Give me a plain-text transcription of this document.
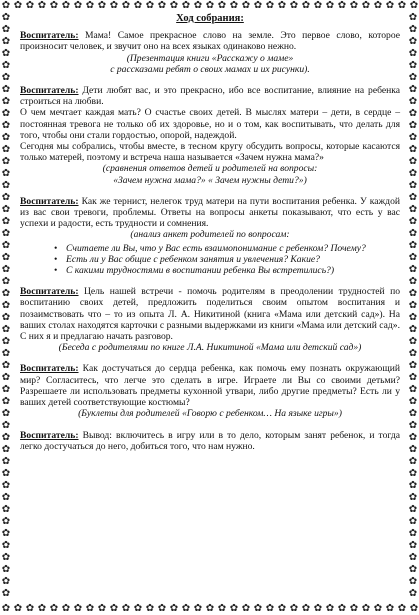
✿ ✿ ✿ ✿ ✿ ✿ ✿ ✿ ✿ ✿ ✿ ✿ ✿ ✿ ✿ ✿ ✿ ✿ ✿ ✿ ✿ ✿ ✿ ✿ ✿ ✿ ✿ ✿ ✿ ✿ ✿ ✿ ✿ ✿ ✿
✿ ✿ ✿ ✿ ✿ ✿ ✿ ✿ ✿ ✿ ✿ ✿ ✿ ✿ ✿ ✿ ✿ ✿ ✿ ✿ ✿ ✿ ✿ ✿ ✿ ✿ ✿ ✿ ✿ ✿ ✿ ✿ ✿ ✿ ✿
✿
✿
✿
✿
✿
✿
✿
✿
✿
✿
✿
✿
✿
✿
✿
✿
✿
✿
✿
✿
✿
✿
✿
✿
✿
✿
✿
✿
✿
✿
✿
✿
✿
✿
✿
✿
✿
✿
✿
✿
✿
✿
✿
✿
✿
✿
✿
✿
✿
✿
✿
✿
✿
✿
✿
✿
✿
✿
✿
✿
✿
✿
✿
✿
✿
✿
✿
✿
✿
✿
✿
✿
✿
✿
✿
✿
✿
✿
✿
✿
✿
✿
✿
✿
✿
✿
✿
✿
✿
✿
✿
✿
✿
✿
✿
✿
✿
✿
Ход собрания:

Воспитатель: Мама! Самое прекрасное слово на земле. Это первое слово, которое произносит человек, и звучит оно на всех языках одинаково нежно.

(Презентация книги «Расскажу о маме»
с рассказами ребят о своих мамах и их рисунки).

Воспитатель: Дети любят вас, и это прекрасно, ибо все воспитание, влияние на ребенка строиться на любви.

О чем мечтает каждая мать? О счастье своих детей. В мыслях матери – дети, в сердце – постоянная тревога не только об их здоровье, но и о том, как воспитывать, что делать для того, чтобы они стали гордостью, опорой, надеждой.

Сегодня мы собрались, чтобы вместе, в тесном кругу обсудить вопросы, которые касаются только матерей, поэтому и встреча наша называется «Зачем нужна мама?»

(сравнения ответов детей и родителей на вопросы:
«Зачем нужна мама?» « Зачем нужны дети?»)

Воспитатель: Как же тернист, нелегок труд матери на пути воспитания ребенка. У каждой из вас свои тревоги, проблемы. Ответы на вопросы анкеты показывают, что есть у вас успехи и радости, есть трудности и сомнения.

(анализ анкет родителей по вопросам:
• Считаете ли Вы, что у Вас есть взаимопонимание с ребенком? Почему?
• Есть ли у Вас общие с ребенком занятия и увлечения? Какие?
• С какими трудностями в воспитании ребенка Вы встретились?)

Воспитатель: Цель нашей встречи - помочь родителям в преодолении трудностей по воспитанию своих детей, предложить поделиться своим опытом воспитания и позаимствовать что – то из опыта Л. А. Никитиной (книга «Мама или детский сад»). На ваших столах находятся карточки с разными выдержками из книги «Мама или детский сад». С них я и предлагаю начать разговор.

(Беседа с родителями по книге Л.А. Никитиной «Мама или детский сад»)

Воспитатель: Как достучаться до сердца ребенка, как помочь ему познать окружающий мир? Согласитесь, что легче это сделать в игре. Играете ли Вы со своими детьми? Разрешаете ли использовать предметы кухонной утвари, либо другие предметы? Есть ли у ваших детей соответствующие костюмы?

(Буклеты для родителей «Говорю с ребенком… На языке игры»)

Воспитатель: Вывод: включитесь в игру или в то дело, которым занят ребенок, и тогда легко достучаться до него, добиться того, что нам нужно.
